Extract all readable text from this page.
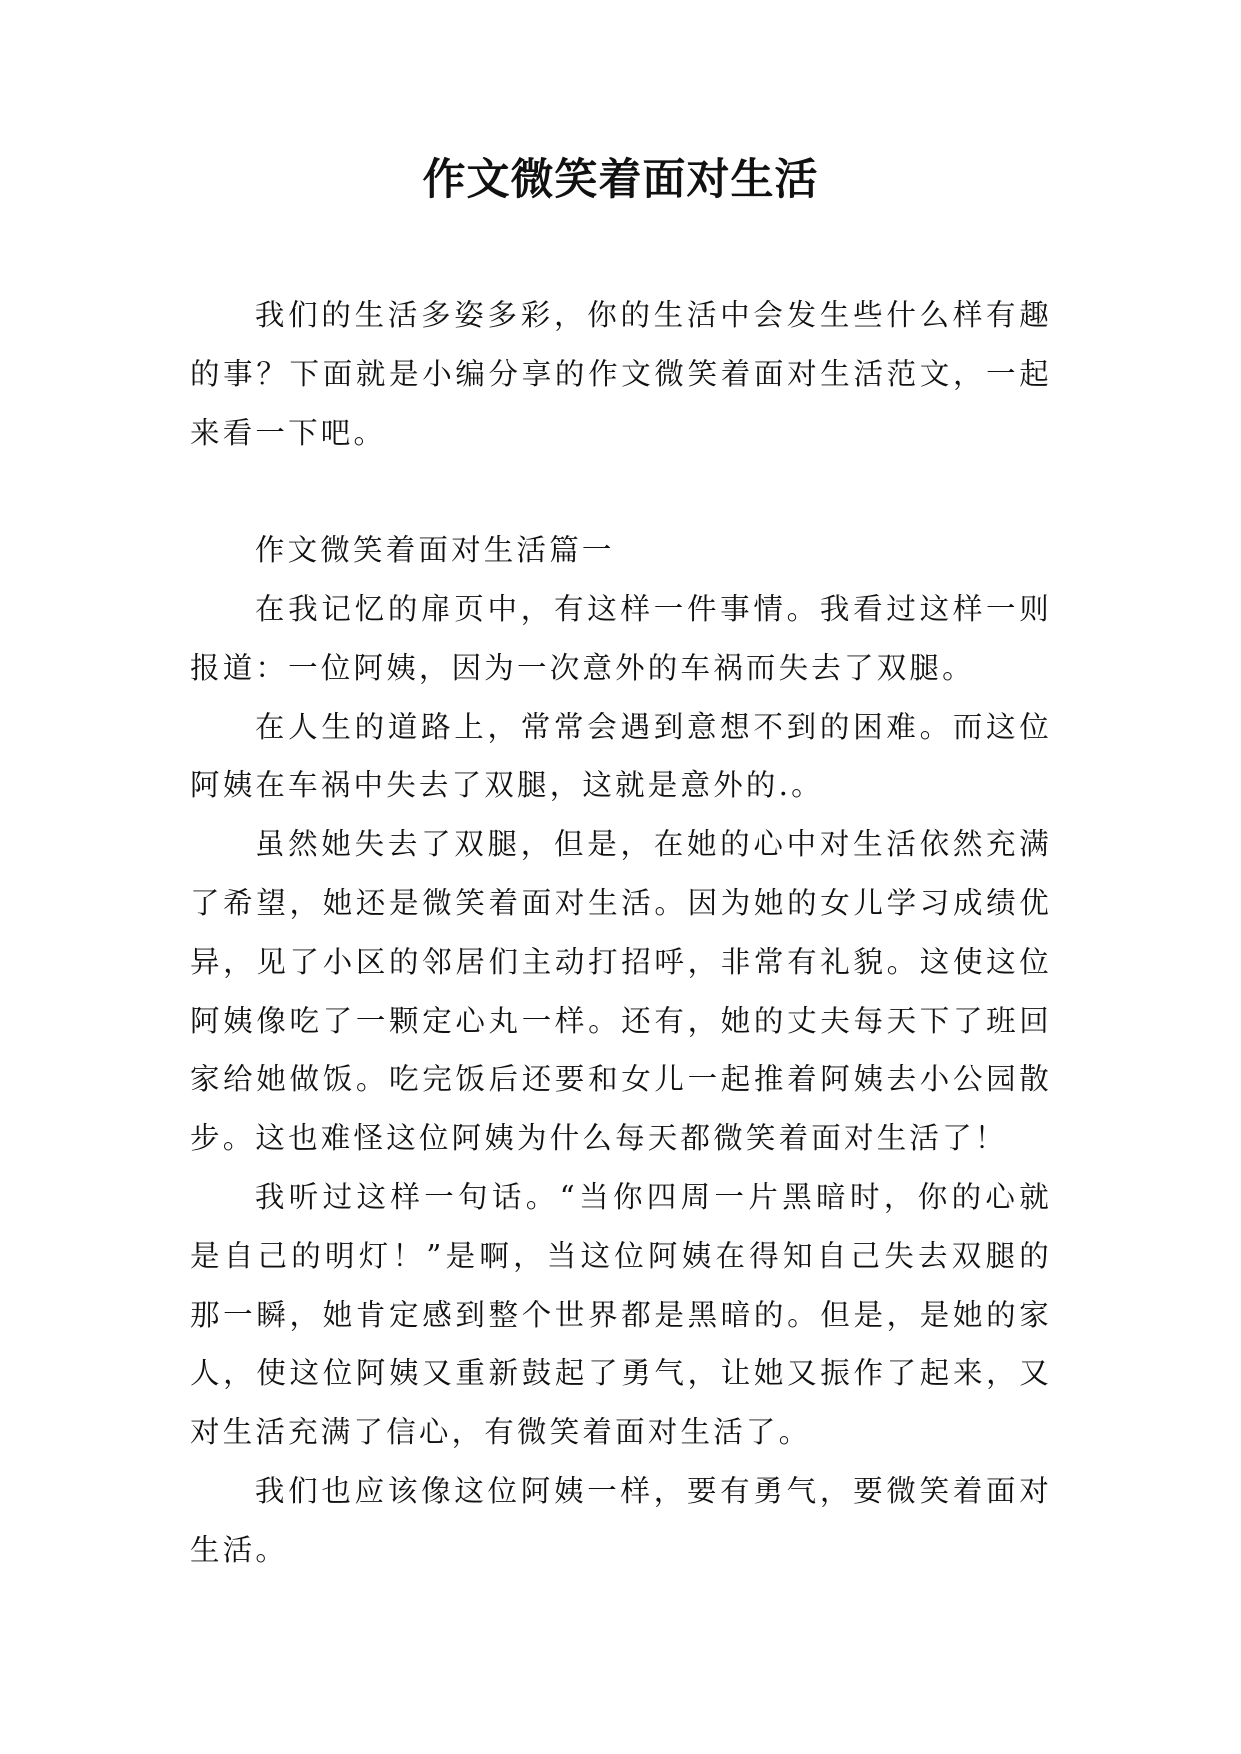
作文微笑着面对生活

我们的生活多姿多彩，你的生活中会发生些什么样有趣的事？下面就是小编分享的作文微笑着面对生活范文，一起来看一下吧。

作文微笑着面对生活篇一

在我记忆的扉页中，有这样一件事情。我看过这样一则报道：一位阿姨，因为一次意外的车祸而失去了双腿。

在人生的道路上，常常会遇到意想不到的困难。而这位阿姨在车祸中失去了双腿，这就是意外的.。

虽然她失去了双腿，但是，在她的心中对生活依然充满了希望，她还是微笑着面对生活。因为她的女儿学习成绩优异，见了小区的邻居们主动打招呼，非常有礼貌。这使这位阿姨像吃了一颗定心丸一样。还有，她的丈夫每天下了班回家给她做饭。吃完饭后还要和女儿一起推着阿姨去小公园散步。这也难怪这位阿姨为什么每天都微笑着面对生活了！

我听过这样一句话。“当你四周一片黑暗时，你的心就是自己的明灯！”是啊，当这位阿姨在得知自己失去双腿的那一瞬，她肯定感到整个世界都是黑暗的。但是，是她的家人，使这位阿姨又重新鼓起了勇气，让她又振作了起来，又对生活充满了信心，有微笑着面对生活了。

我们也应该像这位阿姨一样，要有勇气，要微笑着面对生活。
